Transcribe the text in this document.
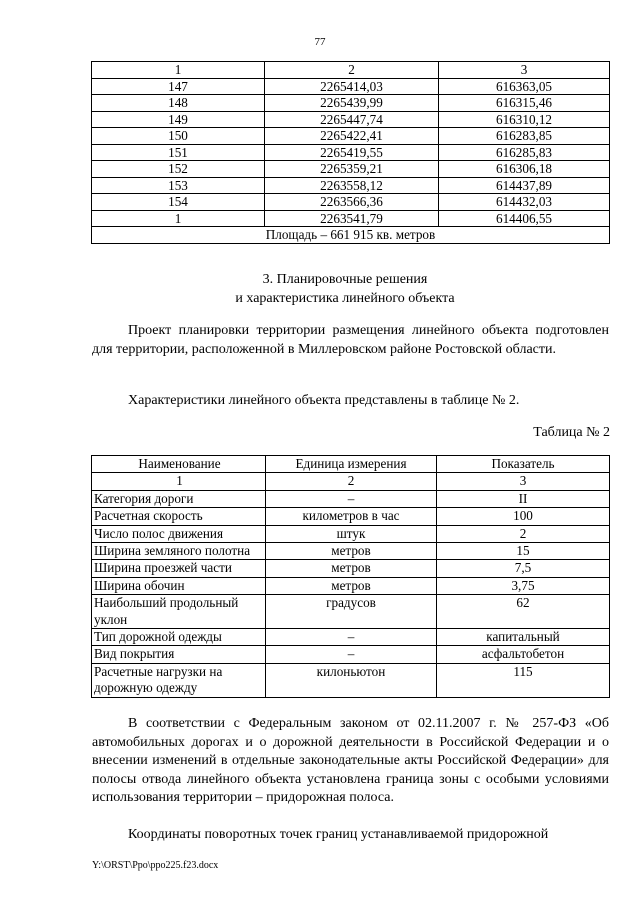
77
1	2	3
147	2265414,03	616363,05
148	2265439,99	616315,46
149	2265447,74	616310,12
150	2265422,41	616283,85
151	2265419,55	616285,83
152	2265359,21	616306,18
153	2263558,12	614437,89
154	2263566,36	614432,03
1	2263541,79	614406,55
Площадь – 661 915 кв. метров		
3. Планировочные решения
и характеристика линейного объекта
Проект планировки территории размещения линейного объекта подготовлен для территории, расположенной в Миллеровском районе Ростовской области.
Характеристики линейного объекта представлены в таблице № 2.
Таблица № 2
Наименование	Единица измерения	Показатель
1	2	3
Категория дороги	–	II
Расчетная скорость	километров в час	100
Число полос движения	штук	2
Ширина земляного полотна	метров	15
Ширина проезжей части	метров	7,5
Ширина обочин	метров	3,75
Наибольший продольный уклон	градусов	62
Тип дорожной одежды	–	капитальный
Вид покрытия	–	асфальтобетон
Расчетные нагрузки на дорожную одежду	килоньютон	115
В соответствии с Федеральным законом от 02.11.2007 г. № 257-ФЗ «Об автомобильных дорогах и о дорожной деятельности в Российской Федерации и о внесении изменений в отдельные законодательные акты Российской Федерации» для полосы отвода линейного объекта установлена граница зоны с особыми условиями использования территории – придорожная полоса.
Координаты поворотных точек границ устанавливаемой придорожной
Y:\ORST\Ppo\ppo225.f23.docx
